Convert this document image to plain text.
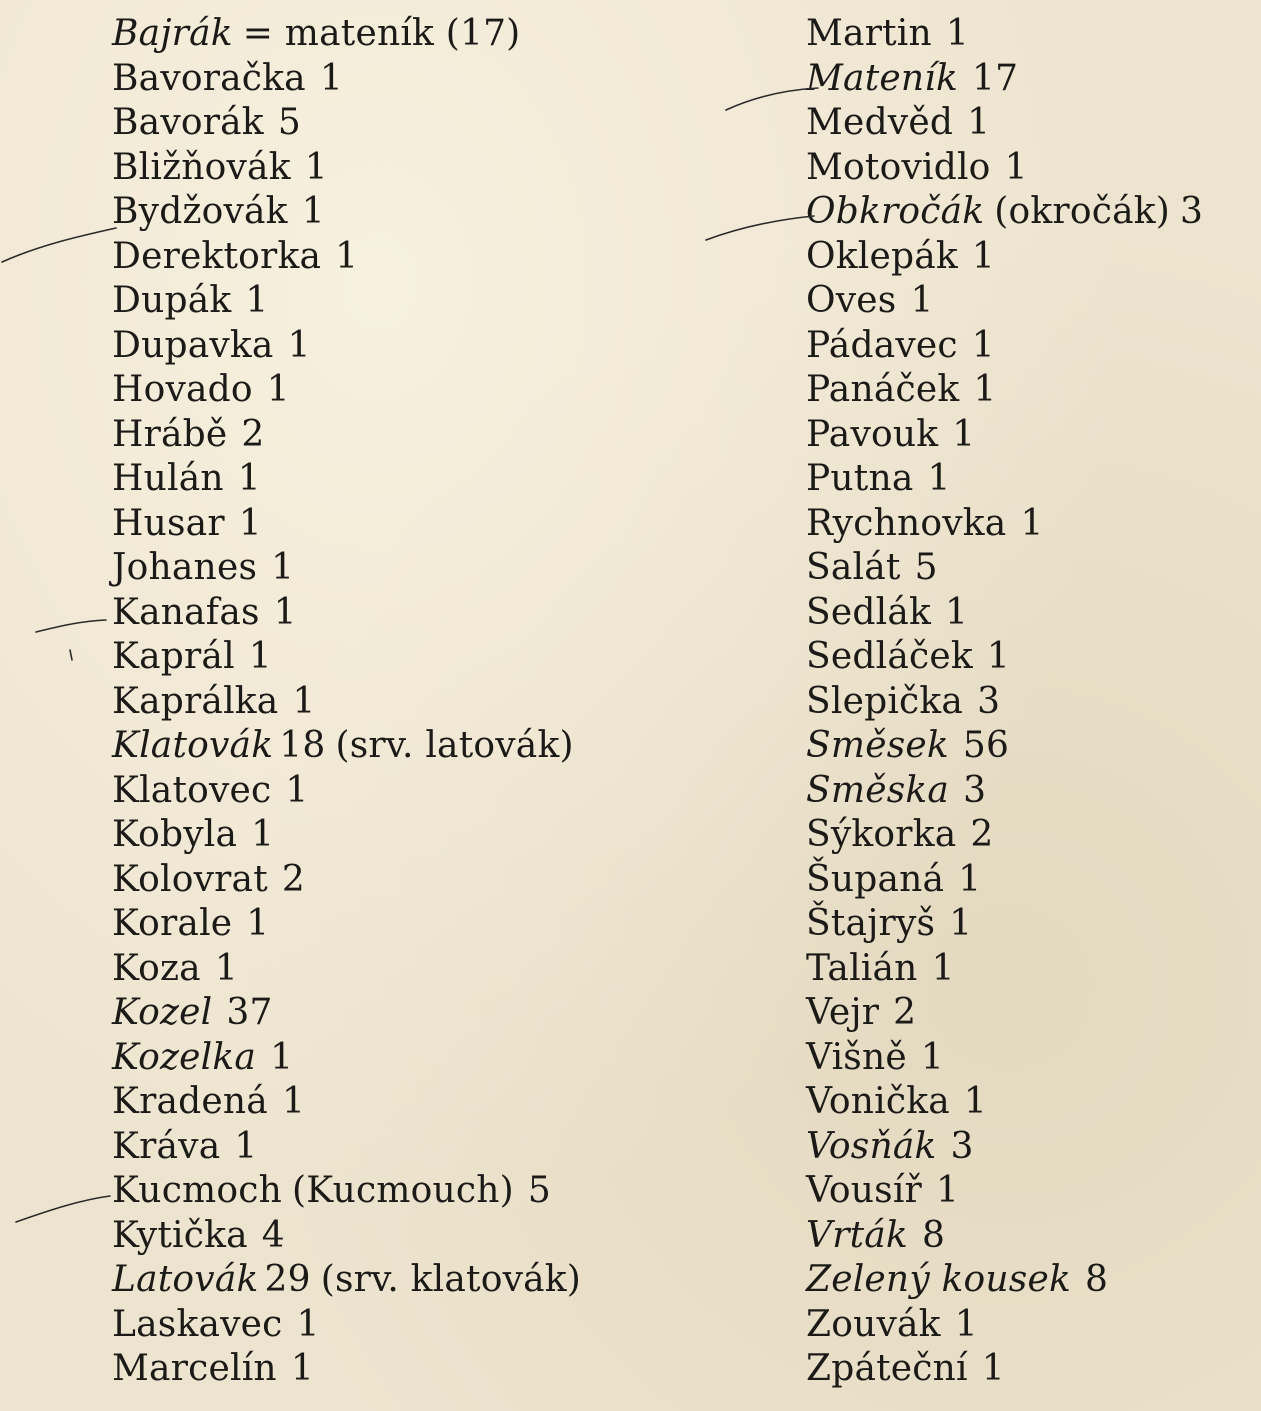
Bajrák = mateník (17)
Bavoračka 1
Bavorák 5
Bližňovák 1
Bydžovák 1
Derektorka 1
Dupák 1
Dupavka 1
Hovado 1
Hrábě 2
Hulán 1
Husar 1
Johanes 1
Kanafas 1
Kaprál 1
Kaprálka 1
Klatovák 18 (srv. latovák)
Klatovec 1
Kobyla 1
Kolovrat 2
Korale 1
Koza 1
Kozel 37
Kozelka 1
Kradená 1
Kráva 1
Kucmoch (Kucmouch) 5
Kytička 4
Latovák 29 (srv. klatovák)
Laskavec 1
Marcelín 1
Martin 1
Mateník 17
Medvěd 1
Motovidlo 1
Obkročák (okročák) 3
Oklepák 1
Oves 1
Pádavec 1
Panáček 1
Pavouk 1
Putna 1
Rychnovka 1
Salát 5
Sedlák 1
Sedláček 1
Slepička 3
Směsek 56
Směska 3
Sýkorka 2
Šupaná 1
Štajryš 1
Talián 1
Vejr 2
Višně 1
Vonička 1
Vosňák 3
Vousíř 1
Vrták 8
Zelený kousek 8
Zouvák 1
Zpáteční 1
